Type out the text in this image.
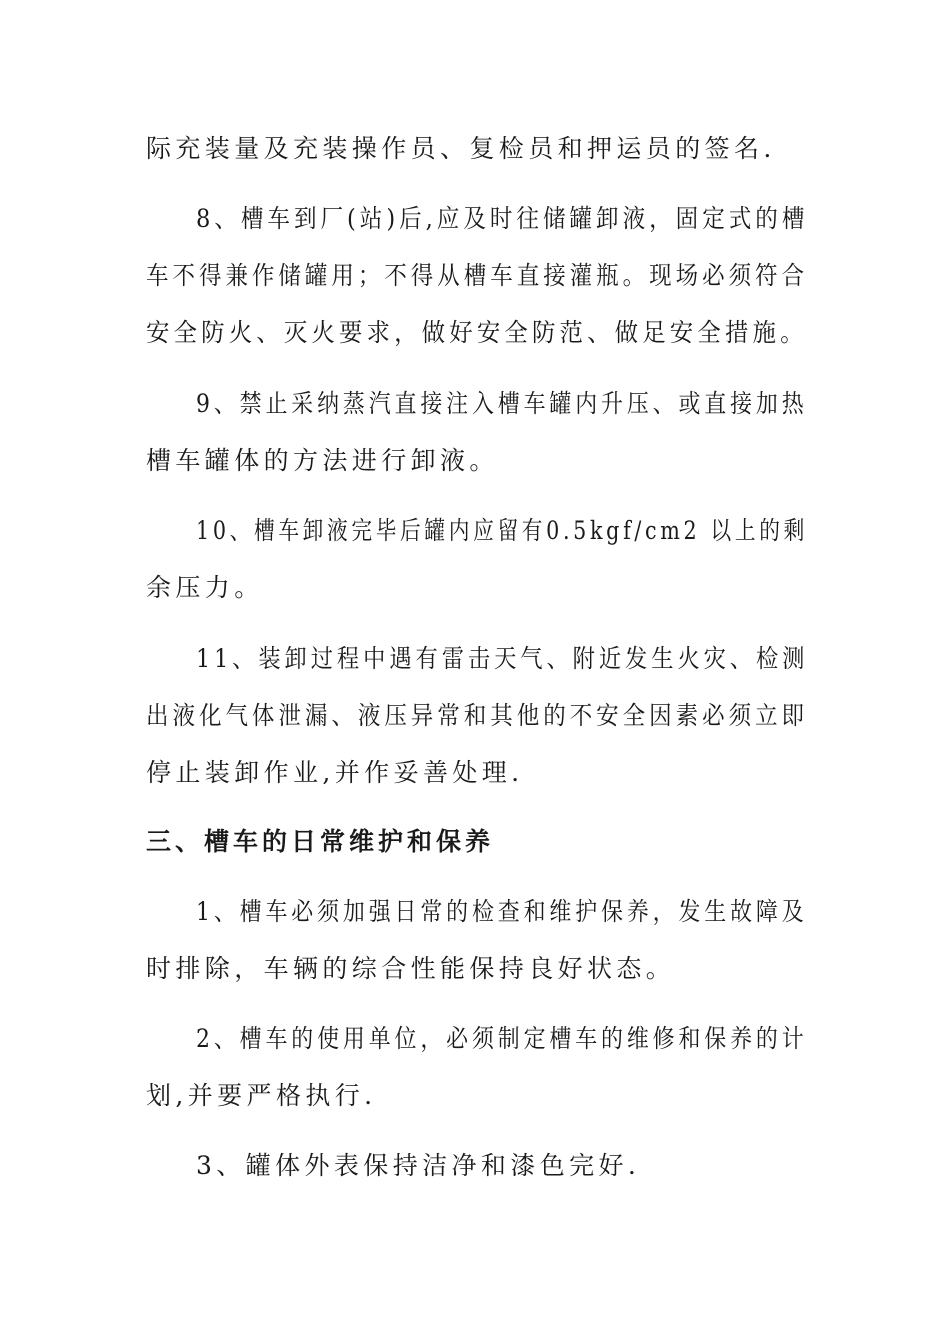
际充装量及充装操作员、复检员和押运员的签名.
8、槽车到厂(站)后,应及时往储罐卸液，固定式的槽
车不得兼作储罐用；不得从槽车直接灌瓶。现场必须符合
安全防火、灭火要求，做好安全防范、做足安全措施。
9、禁止采纳蒸汽直接注入槽车罐内升压、或直接加热
槽车罐体的方法进行卸液。
10、槽车卸液完毕后罐内应留有0.5kgf/cm2 以上的剩
余压力。
11、装卸过程中遇有雷击天气、附近发生火灾、检测
出液化气体泄漏、液压异常和其他的不安全因素必须立即
停止装卸作业,并作妥善处理.
三、槽车的日常维护和保养
1、槽车必须加强日常的检查和维护保养，发生故障及
时排除，车辆的综合性能保持良好状态。
2、槽车的使用单位，必须制定槽车的维修和保养的计
划,并要严格执行.
3、罐体外表保持洁净和漆色完好.
